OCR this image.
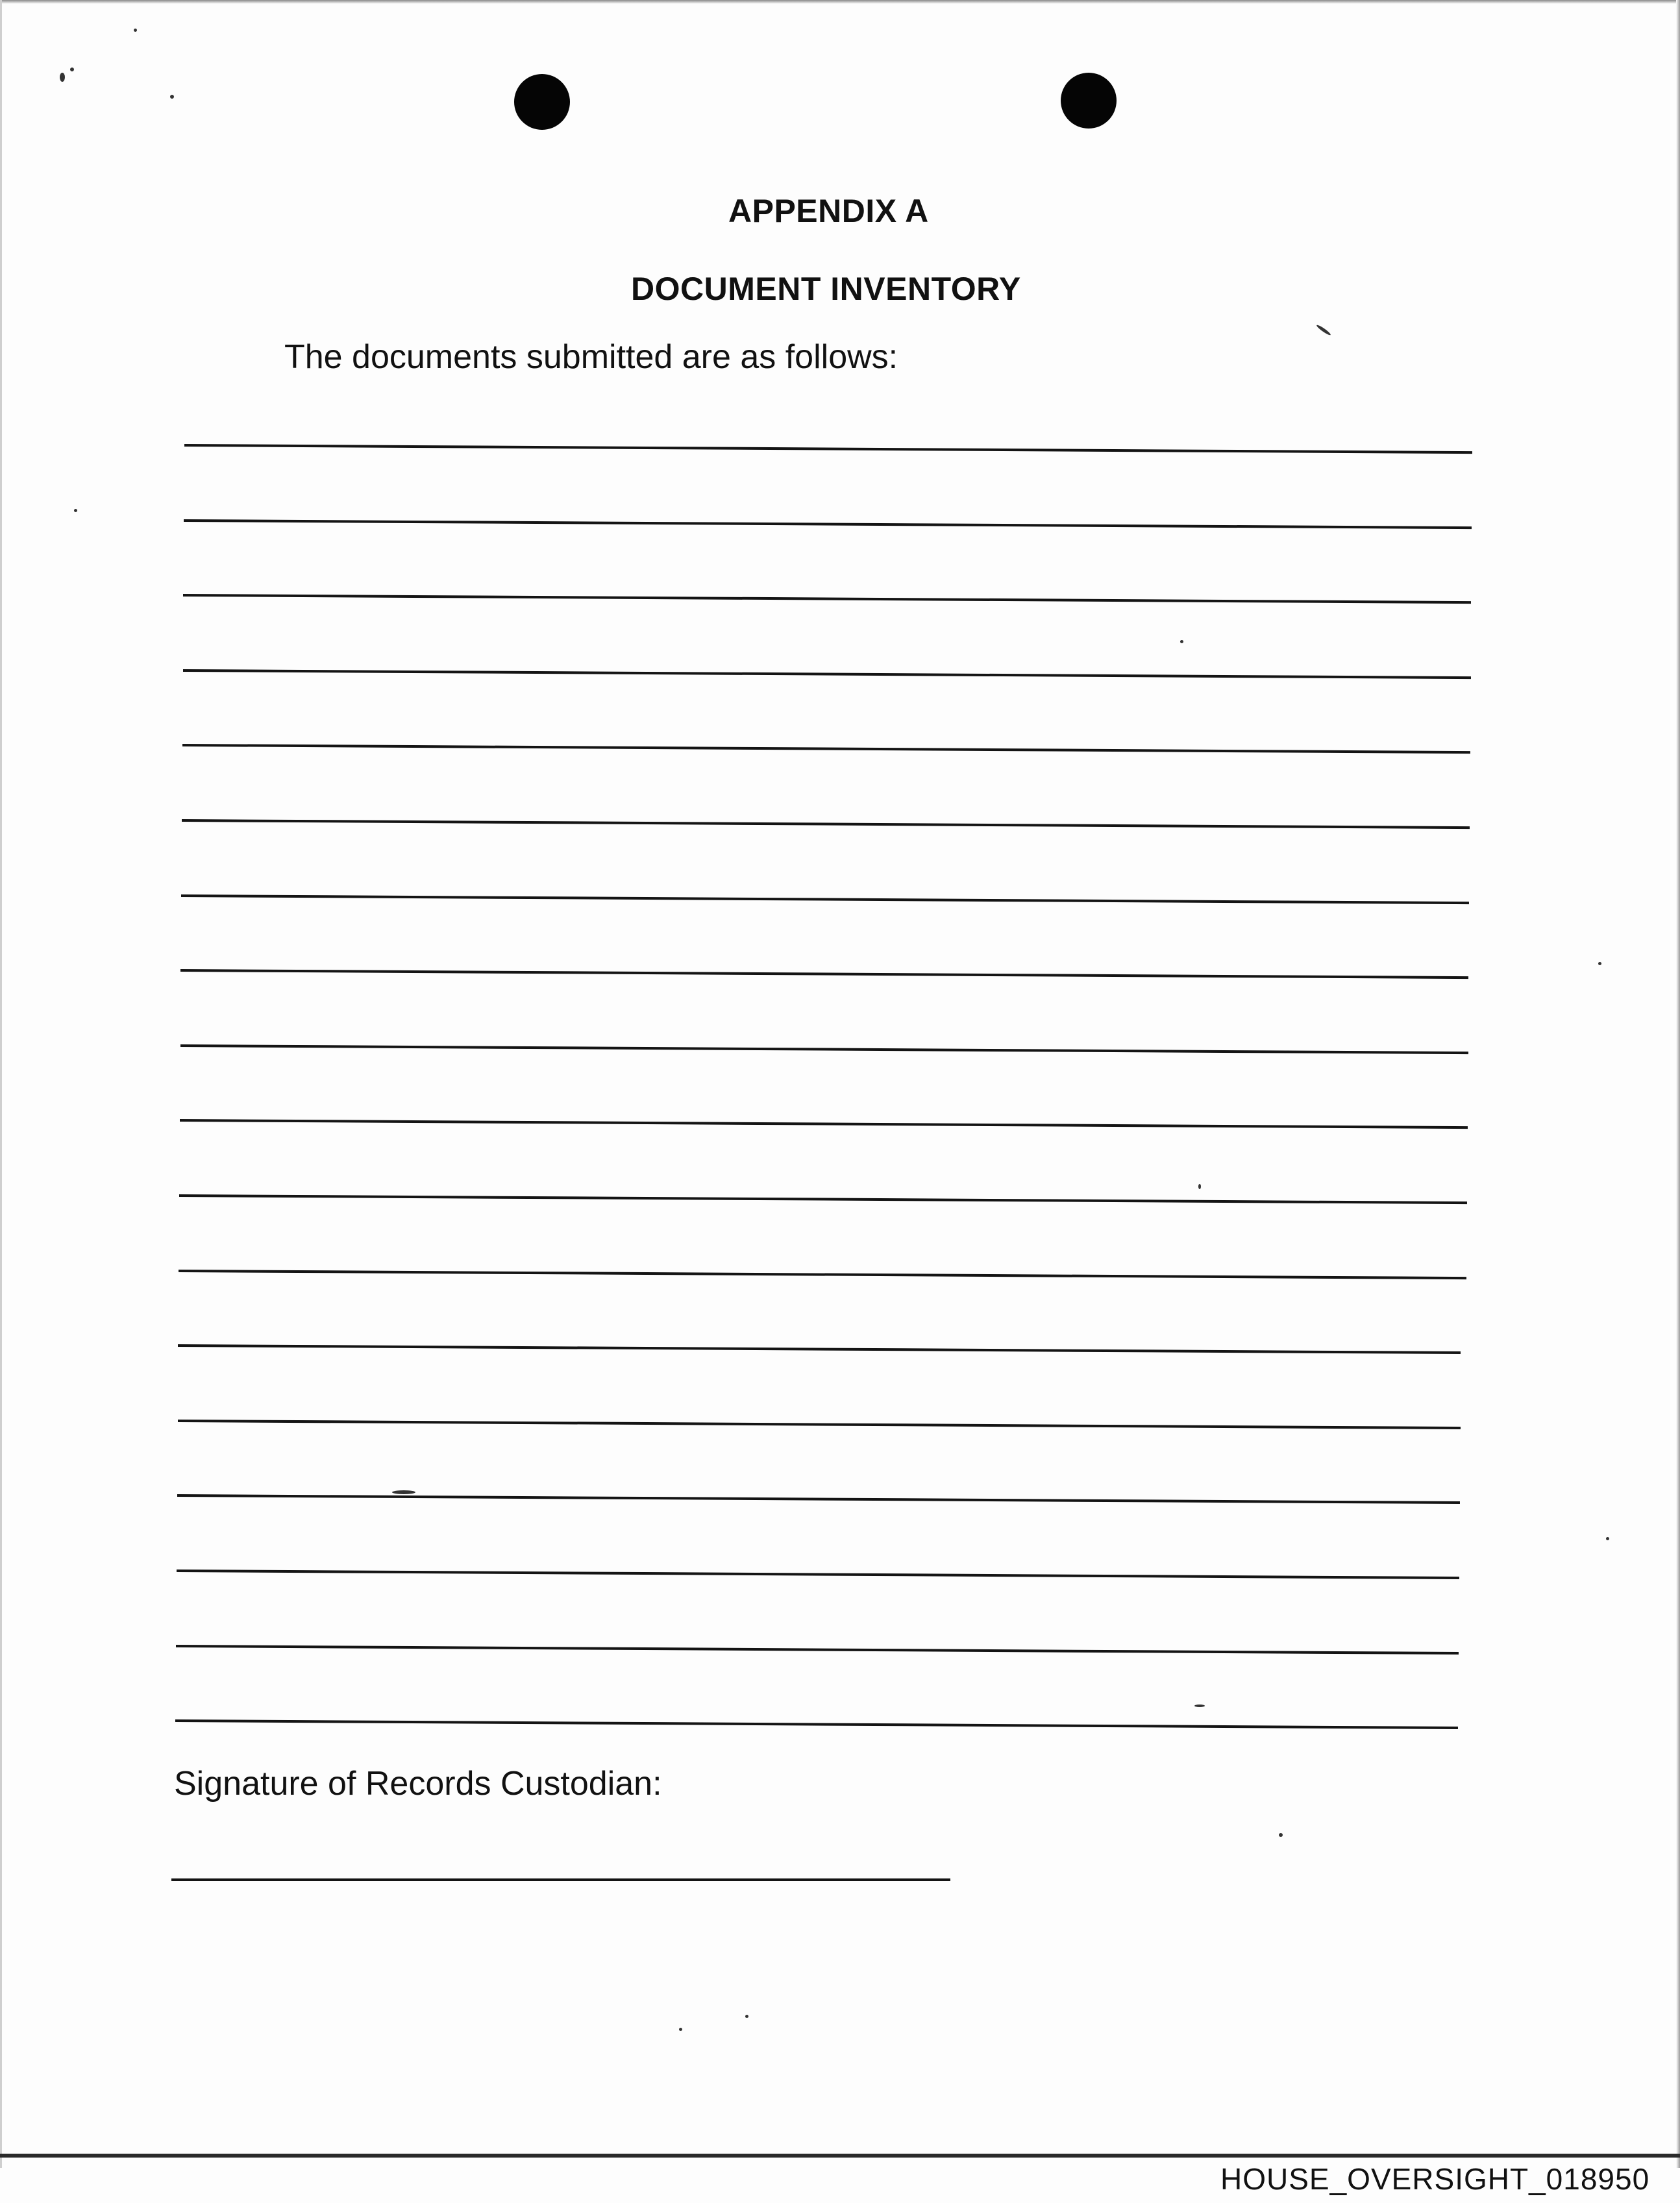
APPENDIX A
DOCUMENT INVENTORY

The documents submitted are as follows:

Signature of Records Custodian:

HOUSE_OVERSIGHT_018950
